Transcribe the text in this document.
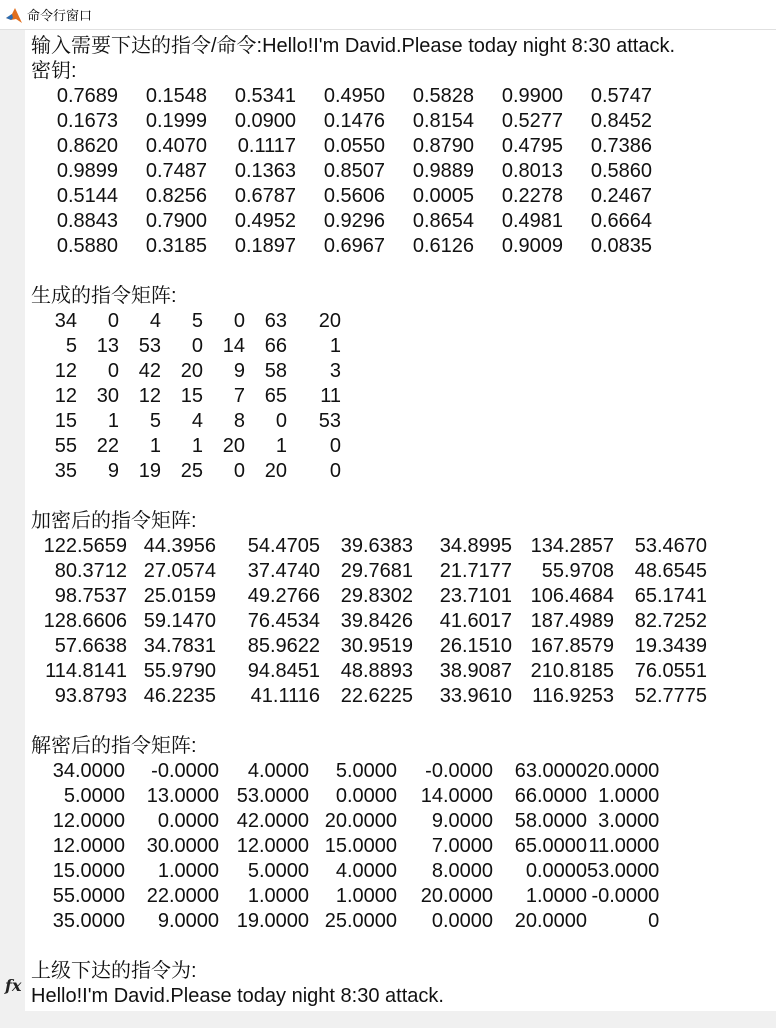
命令行窗口
fx
输入需要下达的指令/命令:Hello!I'm David.Please today night 8:30 attack.
密钥:
0.7689	0.1548	0.5341	0.4950	0.5828	0.9900	0.5747
0.1673	0.1999	0.0900	0.1476	0.8154	0.5277	0.8452
0.8620	0.4070	0.1117	0.0550	0.8790	0.4795	0.7386
0.9899	0.7487	0.1363	0.8507	0.9889	0.8013	0.5860
0.5144	0.8256	0.6787	0.5606	0.0005	0.2278	0.2467
0.8843	0.7900	0.4952	0.9296	0.8654	0.4981	0.6664
0.5880	0.3185	0.1897	0.6967	0.6126	0.9009	0.0835
生成的指令矩阵:
34	0	4	5	0	63	20
5	13	53	0	14	66	1
12	0	42	20	9	58	3
12	30	12	15	7	65	11
15	1	5	4	8	0	53
55	22	1	1	20	1	0
35	9	19	25	0	20	0
加密后的指令矩阵:
122.5659	44.3956	54.4705	39.6383	34.8995	134.2857	53.4670
80.3712	27.0574	37.4740	29.7681	21.7177	55.9708	48.6545
98.7537	25.0159	49.2766	29.8302	23.7101	106.4684	65.1741
128.6606	59.1470	76.4534	39.8426	41.6017	187.4989	82.7252
57.6638	34.7831	85.9622	30.9519	26.1510	167.8579	19.3439
114.8141	55.9790	94.8451	48.8893	38.9087	210.8185	76.0551
93.8793	46.2235	41.1116	22.6225	33.9610	116.9253	52.7775
解密后的指令矩阵:
34.0000	-0.0000	4.0000	5.0000	-0.0000	63.0000	20.0000
5.0000	13.0000	53.0000	0.0000	14.0000	66.0000	1.0000
12.0000	0.0000	42.0000	20.0000	9.0000	58.0000	3.0000
12.0000	30.0000	12.0000	15.0000	7.0000	65.0000	11.0000
15.0000	1.0000	5.0000	4.0000	8.0000	0.0000	53.0000
55.0000	22.0000	1.0000	1.0000	20.0000	1.0000	-0.0000
35.0000	9.0000	19.0000	25.0000	0.0000	20.0000	0
上级下达的指令为:
Hello!I'm David.Please today night 8:30 attack.
